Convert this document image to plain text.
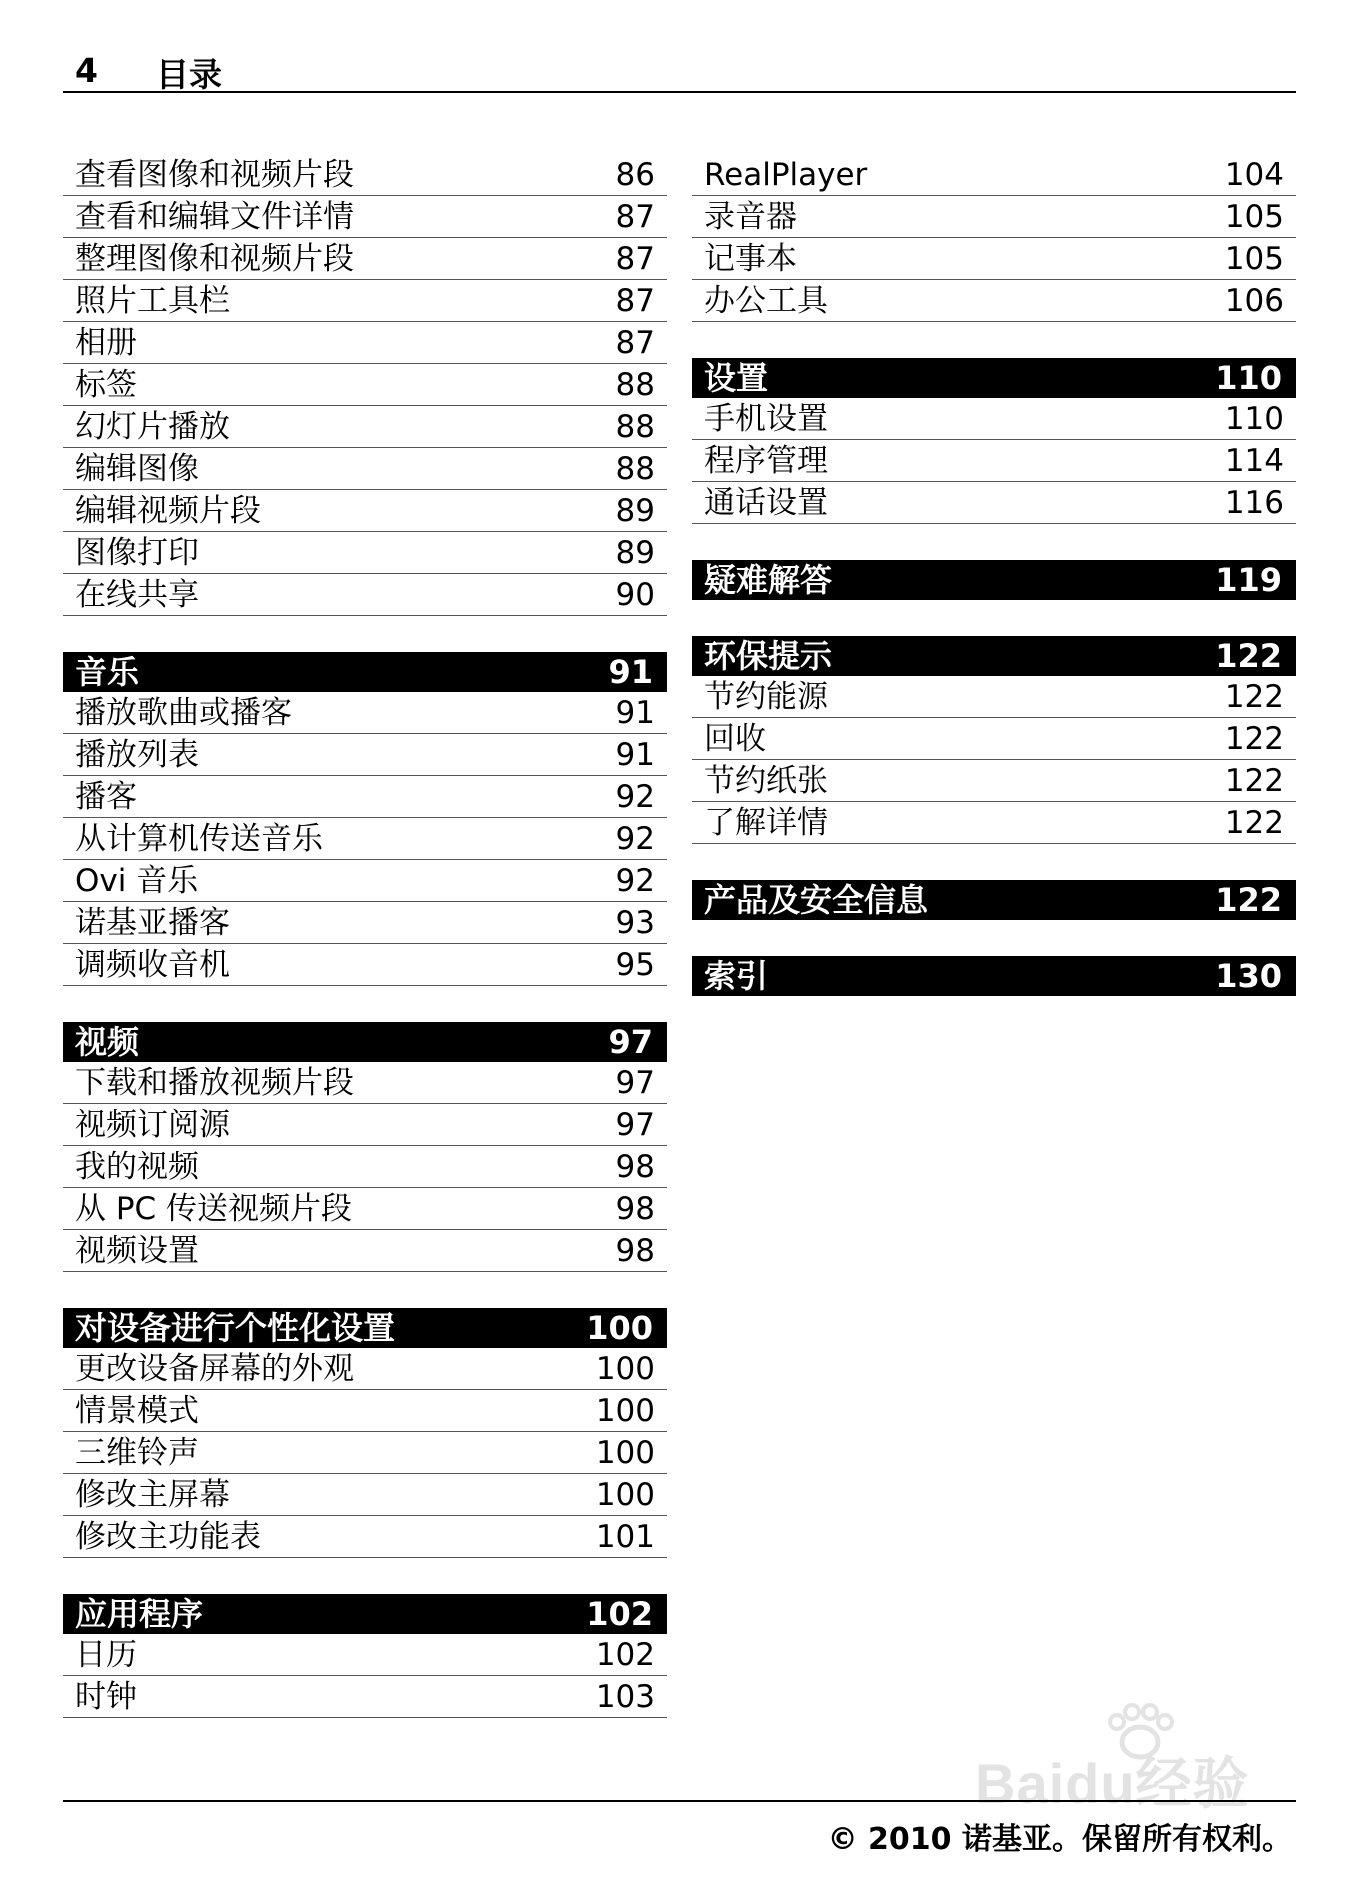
4 目录
查看图像和视频片段	86
查看和编辑文件详情	87
整理图像和视频片段	87
照片工具栏	87
相册	87
标签	88
幻灯片播放	88
编辑图像	88
编辑视频片段	89
图像打印	89
在线共享	90
音乐	91
播放歌曲或播客	91
播放列表	91
播客	92
从计算机传送音乐	92
Ovi 音乐	92
诺基亚播客	93
调频收音机	95
视频	97
下载和播放视频片段	97
视频订阅源	97
我的视频	98
从 PC 传送视频片段	98
视频设置	98
对设备进行个性化设置	100
更改设备屏幕的外观	100
情景模式	100
三维铃声	100
修改主屏幕	100
修改主功能表	101
应用程序	102
日历	102
时钟	103
RealPlayer	104
录音器	105
记事本	105
办公工具	106
设置	110
手机设置	110
程序管理	114
通话设置	116
疑难解答	119
环保提示	122
节约能源	122
回收	122
节约纸张	122
了解详情	122
产品及安全信息	122
索引	130
Baidu经验
© 2010 诺基亚。保留所有权利。
